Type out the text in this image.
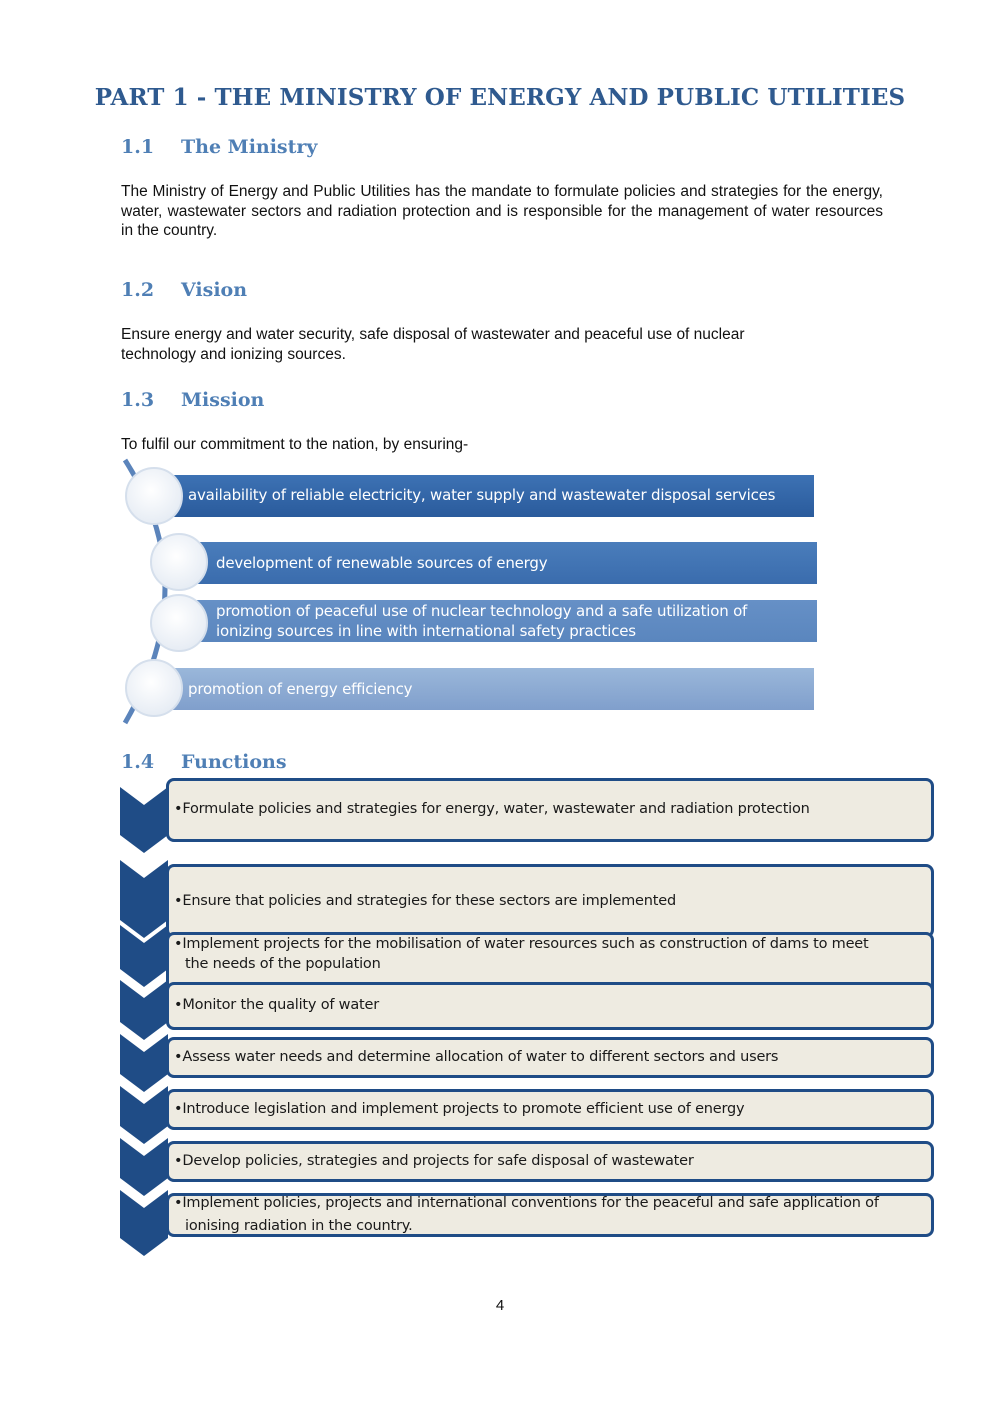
PART 1 - THE MINISTRY OF ENERGY AND PUBLIC UTILITIES
1.1 The Ministry
The Ministry of Energy and Public Utilities has the mandate to formulate policies and strategies for the energy, water, wastewater sectors and radiation protection and is responsible for the management of water resources in the country.
1.2 Vision
Ensure energy and water security, safe disposal of wastewater and peaceful use of nuclear technology and ionizing sources.
1.3 Mission
To fulfil our commitment to the nation, by ensuring-
availability of reliable electricity, water supply and wastewater disposal services
development of renewable sources of energy
promotion of peaceful use of nuclear technology and a safe utilization of
ionizing sources in line with international safety practices
promotion of energy efficiency
1.4 Functions
•Formulate policies and strategies for energy, water, wastewater and radiation protection
•Ensure that policies and strategies for these sectors are implemented
•Implement projects for the mobilisation of water resources such as construction of dams to meet
the needs of the population
•Monitor the quality of water
•Assess water needs and determine allocation of water to different sectors and users
•Introduce legislation and implement projects to promote efficient use of energy
•Develop policies, strategies and projects for safe disposal of wastewater
•Implement policies, projects and international conventions for the peaceful and safe application of
ionising radiation in the country.
4
